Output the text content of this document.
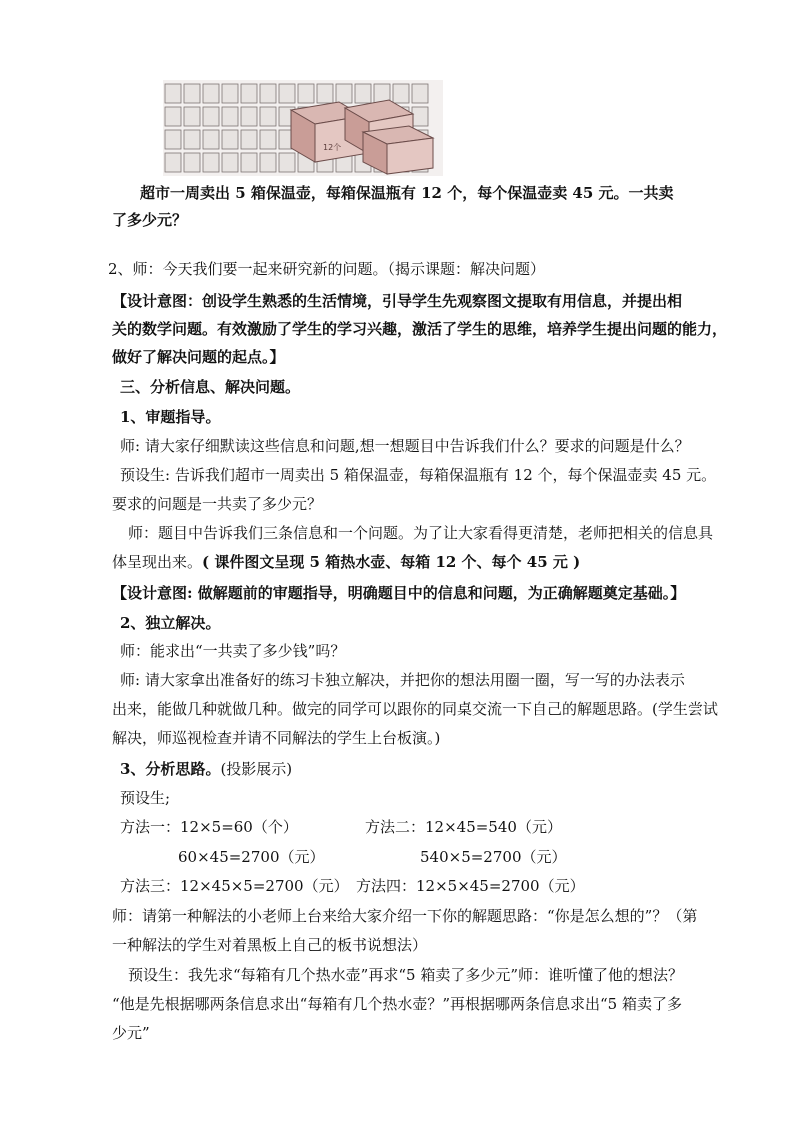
12个
超市一周卖出 5 箱保温壶，每箱保温瓶有 12 个，每个保温壶卖 45 元。一共卖
了多少元？
2、师：今天我们要一起来研究新的问题。（揭示课题：解决问题）
【设计意图：创设学生熟悉的生活情境，引导学生先观察图文提取有用信息，并提出相
关的数学问题。有效激励了学生的学习兴趣，激活了学生的思维，培养学生提出问题的能力，
做好了解决问题的起点。】
三、分析信息、解决问题。
1、审题指导。
师: 请大家仔细默读这些信息和问题,想一想题目中告诉我们什么？要求的问题是什么？
预设生: 告诉我们超市一周卖出 5 箱保温壶，每箱保温瓶有 12 个，每个保温壶卖 45 元。
要求的问题是一共卖了多少元？
师：题目中告诉我们三条信息和一个问题。为了让大家看得更清楚，老师把相关的信息具
体呈现出来。( 课件图文呈现 5 箱热水壶、每箱 12 个、每个 45 元 )
【设计意图: 做解题前的审题指导，明确题目中的信息和问题，为正确解题奠定基础。】
2、独立解决。
师：能求出“一共卖了多少钱”吗？
师: 请大家拿出准备好的练习卡独立解决，并把你的想法用圈一圈，写一写的办法表示
出来，能做几种就做几种。做完的同学可以跟你的同桌交流一下自己的解题思路。(学生尝试
解决，师巡视检查并请不同解法的学生上台板演。)
3、分析思路。(投影展示)
预设生;
方法一：12×5=60（个）	方法二：12×45=540（元）
60×45=2700（元）	540×5=2700（元）
方法三：12×45×5=2700（元） 方法四：12×5×45=2700（元）
师：请第一种解法的小老师上台来给大家介绍一下你的解题思路：“你是怎么想的”？（第
一种解法的学生对着黑板上自己的板书说想法）
预设生：我先求“每箱有几个热水壶”再求“5 箱卖了多少元”师：谁听懂了他的想法？
“他是先根据哪两条信息求出“每箱有几个热水壶？”再根据哪两条信息求出“5 箱卖了多
少元”
